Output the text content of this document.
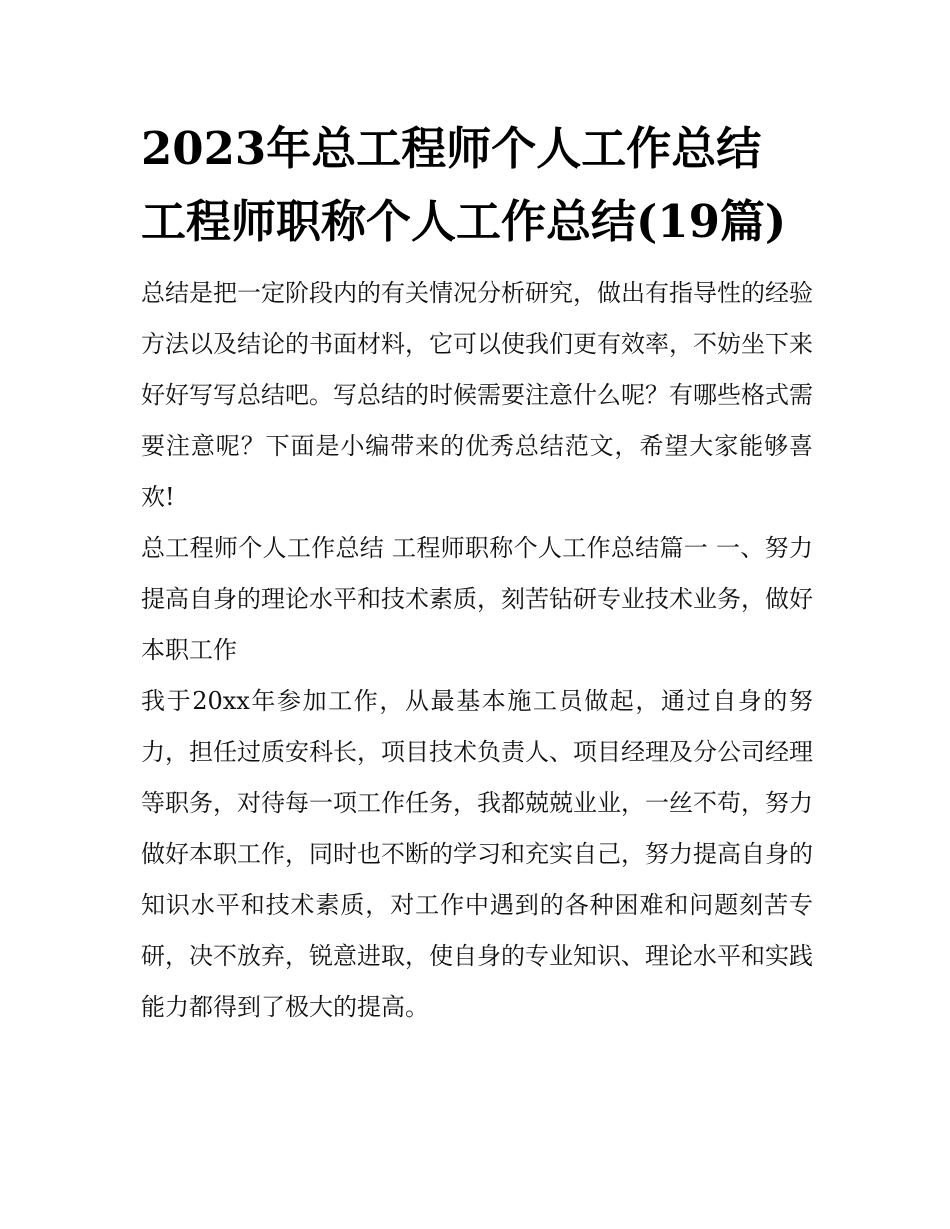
2023年总工程师个人工作总结 工程师职称个人工作总结(19篇)

总结是把一定阶段内的有关情况分析研究，做出有指导性的经验方法以及结论的书面材料，它可以使我们更有效率，不妨坐下来好好写写总结吧。写总结的时候需要注意什么呢？有哪些格式需要注意呢？下面是小编带来的优秀总结范文，希望大家能够喜欢!

总工程师个人工作总结 工程师职称个人工作总结篇一 一、努力提高自身的理论水平和技术素质，刻苦钻研专业技术业务，做好本职工作

我于20xx年参加工作，从最基本施工员做起，通过自身的努力，担任过质安科长，项目技术负责人、项目经理及分公司经理等职务，对待每一项工作任务，我都兢兢业业，一丝不苟，努力做好本职工作，同时也不断的学习和充实自己，努力提高自身的知识水平和技术素质，对工作中遇到的各种困难和问题刻苦专研，决不放弃，锐意进取，使自身的专业知识、理论水平和实践能力都得到了极大的提高。
